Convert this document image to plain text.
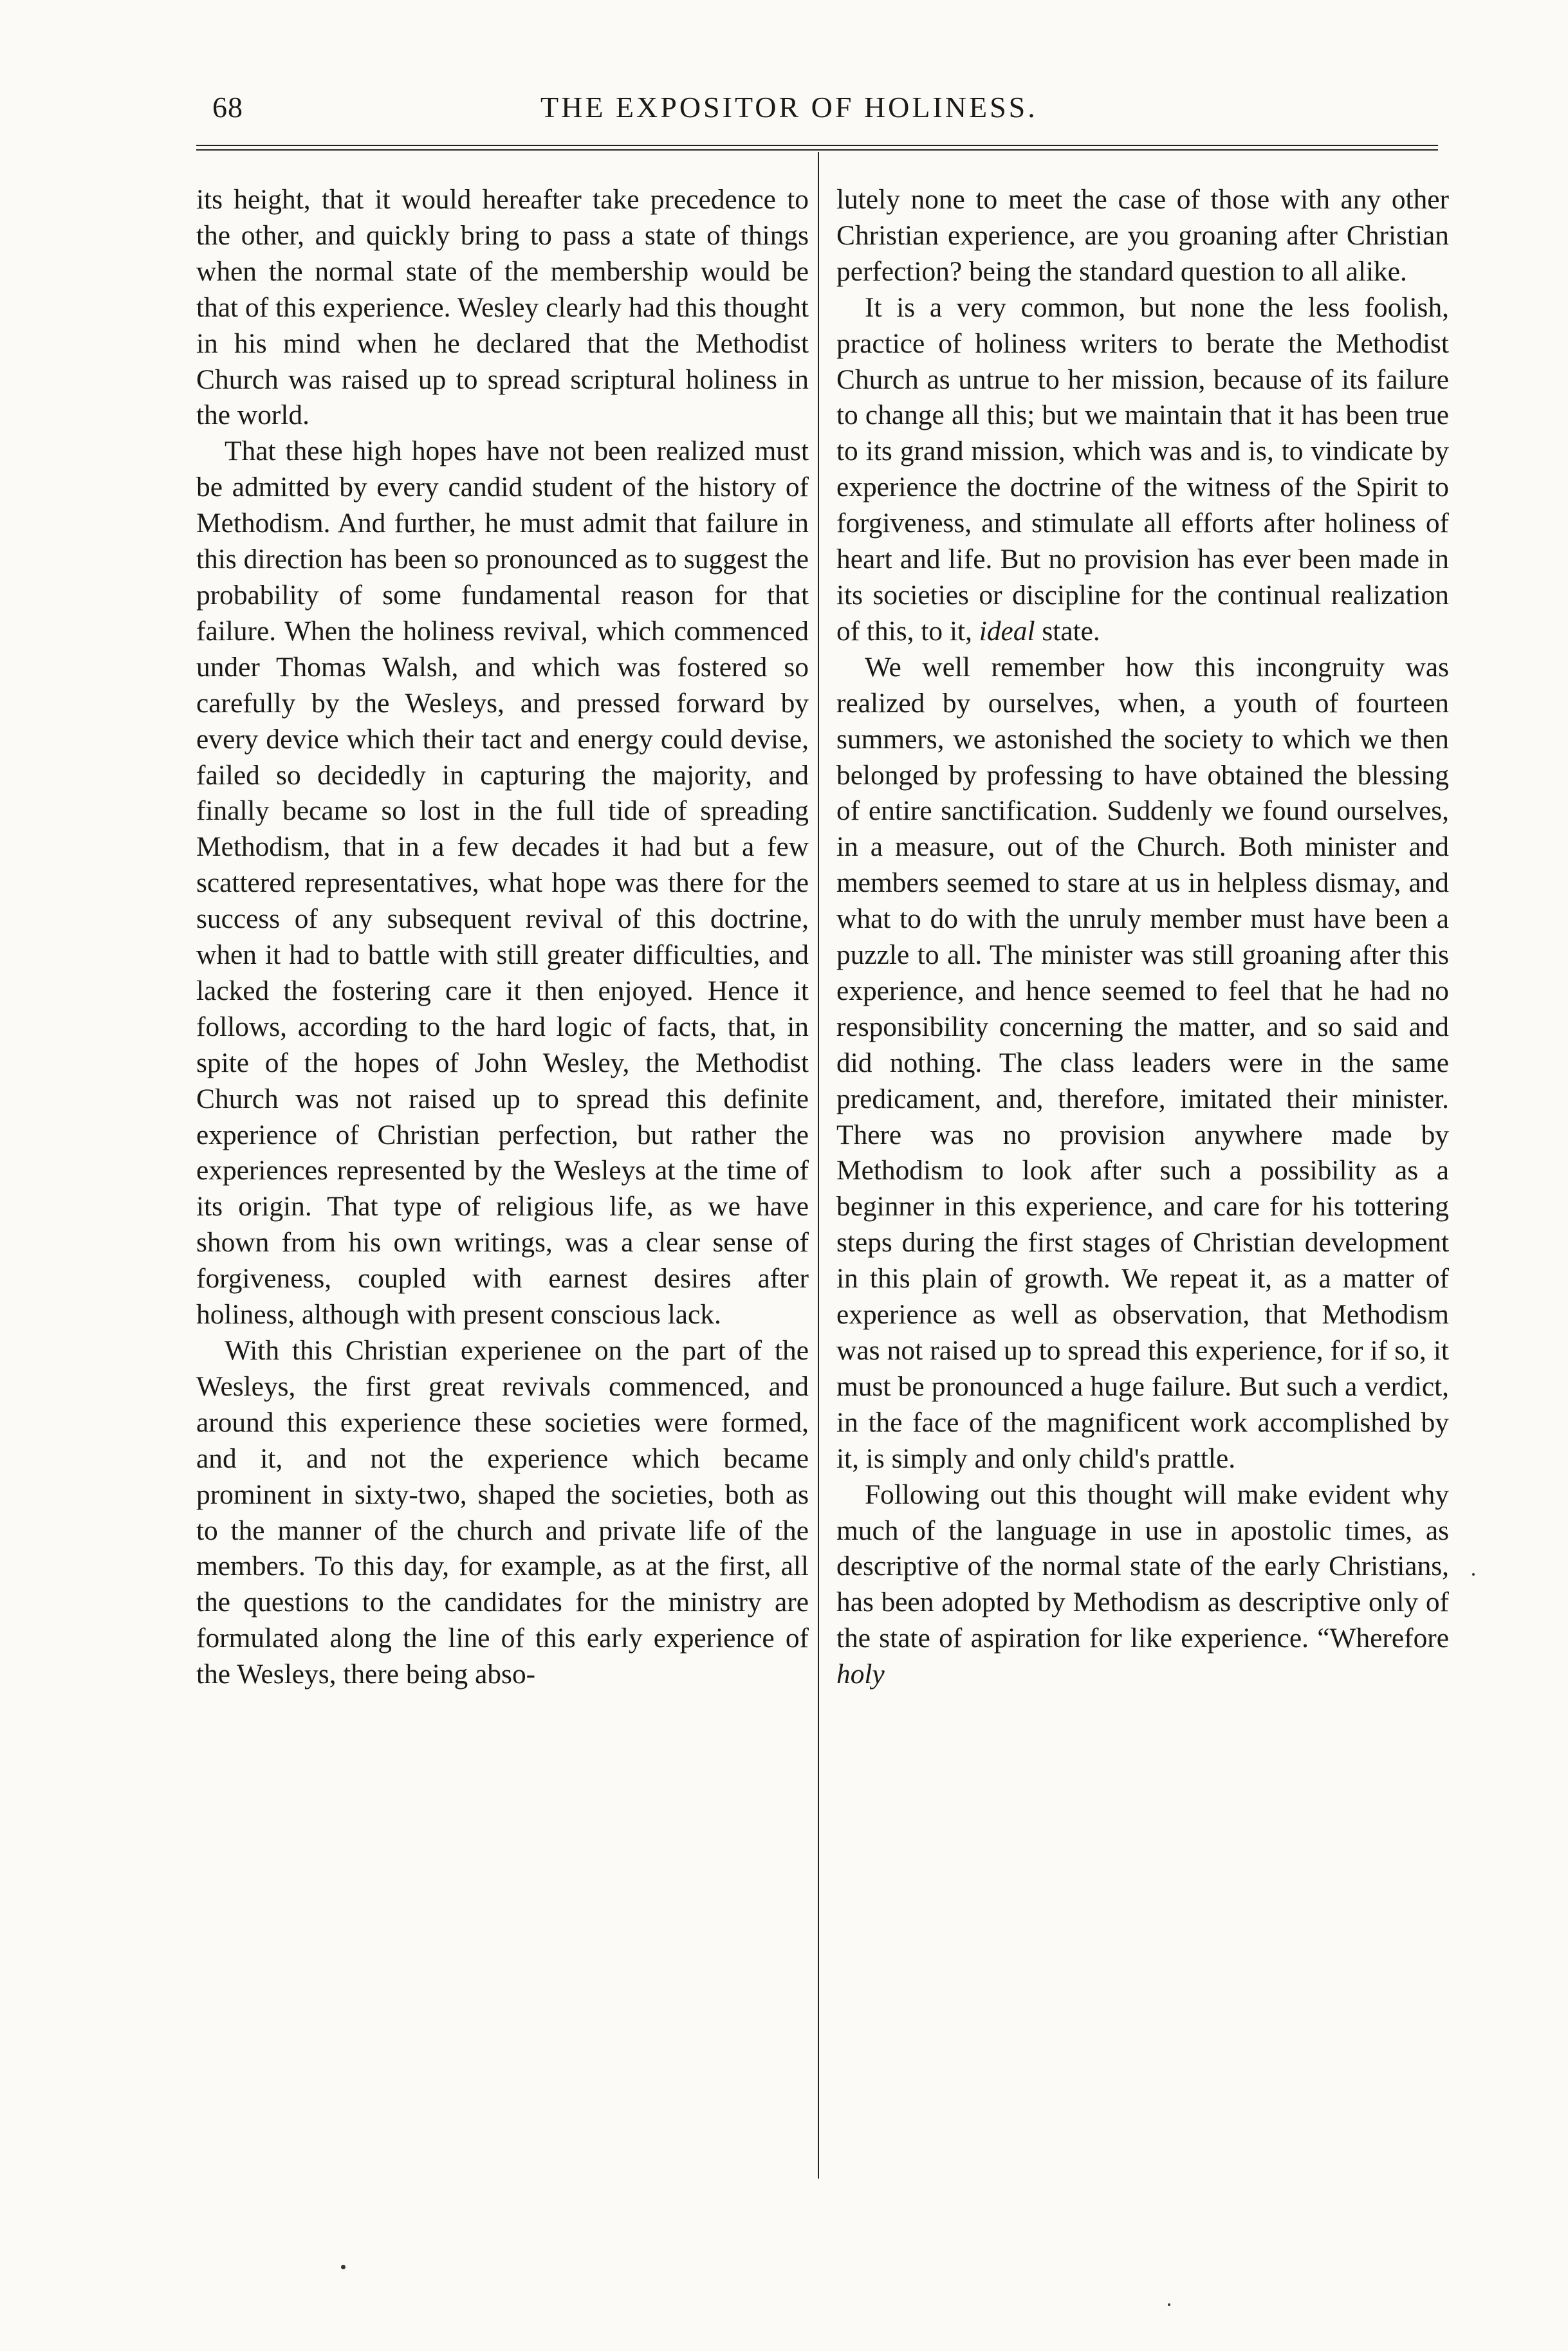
68	THE EXPOSITOR OF HOLINESS.

its height, that it would hereafter take precedence to the other, and quickly bring to pass a state of things when the normal state of the membership would be that of this experience. Wesley clearly had this thought in his mind when he declared that the Methodist Church was raised up to spread scriptural holiness in the world.

That these high hopes have not been realized must be admitted by every candid student of the history of Methodism. And further, he must admit that failure in this direction has been so pronounced as to suggest the probability of some fundamental reason for that failure. When the holiness revival, which commenced under Thomas Walsh, and which was fostered so carefully by the Wesleys, and pressed forward by every device which their tact and energy could devise, failed so decidedly in capturing the majority, and finally became so lost in the full tide of spreading Methodism, that in a few decades it had but a few scattered representatives, what hope was there for the success of any subsequent revival of this doctrine, when it had to battle with still greater difficulties, and lacked the fostering care it then enjoyed. Hence it follows, according to the hard logic of facts, that, in spite of the hopes of John Wesley, the Methodist Church was not raised up to spread this definite experience of Christian perfection, but rather the experiences represented by the Wesleys at the time of its origin. That type of religious life, as we have shown from his own writings, was a clear sense of forgiveness, coupled with earnest desires after holiness, although with present conscious lack.

With this Christian experienee on the part of the Wesleys, the first great revivals commenced, and around this experience these societies were formed, and it, and not the experience which became prominent in sixty-two, shaped the societies, both as to the manner of the church and private life of the members. To this day, for example, as at the first, all the questions to the candidates for the ministry are formulated along the line of this early experience of the Wesleys, there being abso-

lutely none to meet the case of those with any other Christian experience, are you groaning after Christian perfection? being the standard question to all alike.

It is a very common, but none the less foolish, practice of holiness writers to berate the Methodist Church as untrue to her mission, because of its failure to change all this; but we maintain that it has been true to its grand mission, which was and is, to vindicate by experience the doctrine of the witness of the Spirit to forgiveness, and stimulate all efforts after holiness of heart and life. But no provision has ever been made in its societies or discipline for the continual realization of this, to it, ideal state.

We well remember how this incongruity was realized by ourselves, when, a youth of fourteen summers, we astonished the society to which we then belonged by professing to have obtained the blessing of entire sanctification. Suddenly we found ourselves, in a measure, out of the Church. Both minister and members seemed to stare at us in helpless dismay, and what to do with the unruly member must have been a puzzle to all. The minister was still groaning after this experience, and hence seemed to feel that he had no responsibility concerning the matter, and so said and did nothing. The class leaders were in the same predicament, and, therefore, imitated their minister. There was no provision anywhere made by Methodism to look after such a possibility as a beginner in this experience, and care for his tottering steps during the first stages of Christian development in this plain of growth. We repeat it, as a matter of experience as well as observation, that Methodism was not raised up to spread this experience, for if so, it must be pronounced a huge failure. But such a verdict, in the face of the magnificent work accomplished by it, is simply and only child's prattle.

Following out this thought will make evident why much of the language in use in apostolic times, as descriptive of the normal state of the early Christians, has been adopted by Methodism as descriptive only of the state of aspiration for like experience. “Wherefore holy
